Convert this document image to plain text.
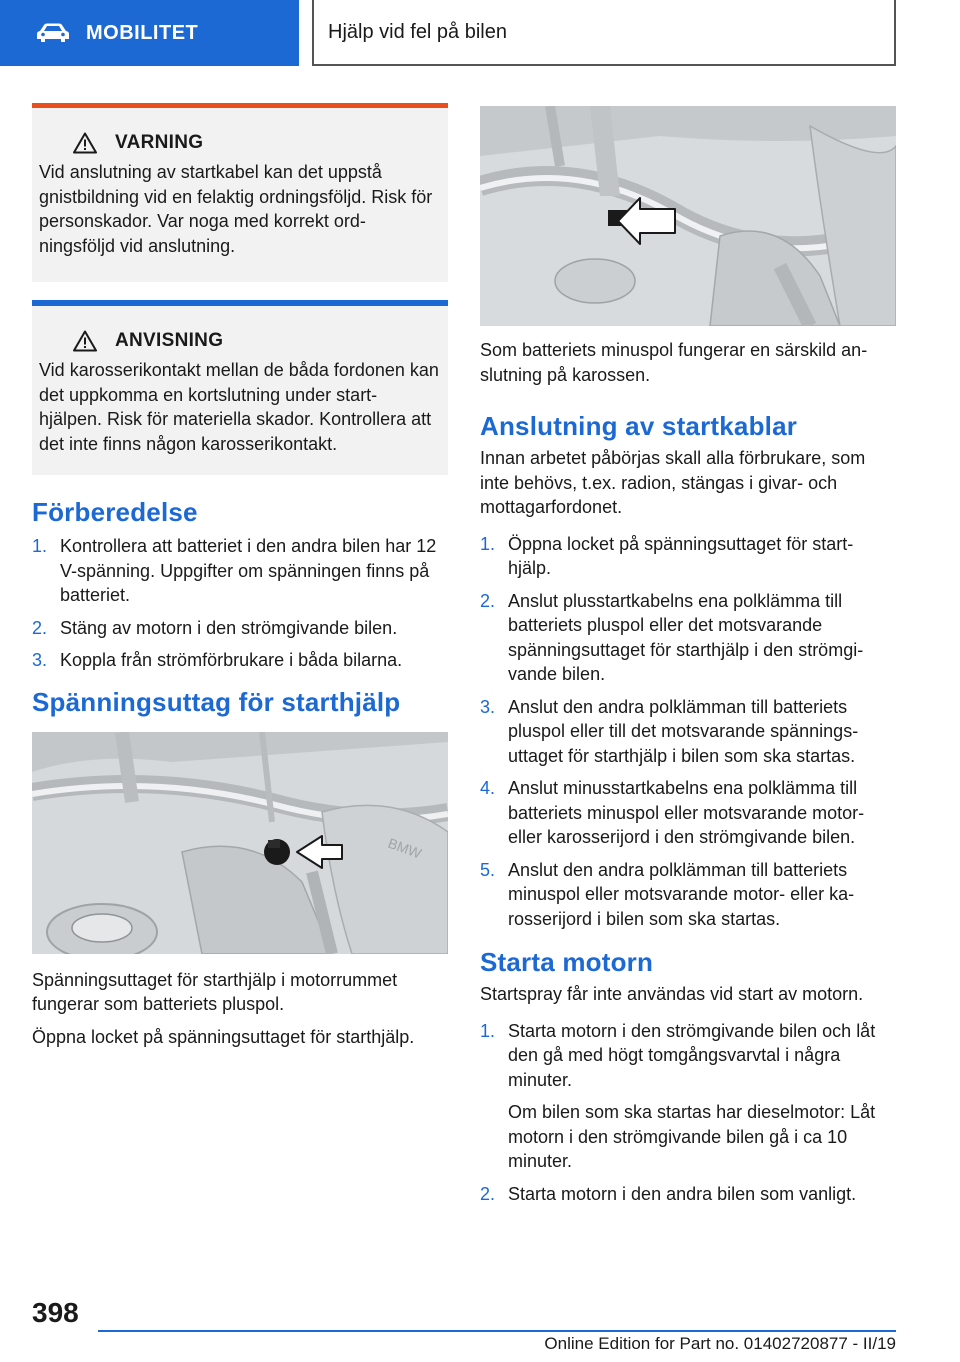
MOBILITET	Hjälp vid fel på bilen
VARNING
Vid anslutning av startkabel kan det uppstå gnistbildning vid en felaktig ordningsföljd. Risk för personskador. Var noga med korrekt ord-ningsföljd vid anslutning.
ANVISNING
Vid karosserikontakt mellan de båda fordonen kan det uppkomma en kortslutning under start-hjälpen. Risk för materiella skador. Kontrollera att det inte finns någon karosserikontakt.
Förberedelse
1. Kontrollera att batteriet i den andra bilen har 12 V-spänning. Uppgifter om spänningen finns på batteriet.
2. Stäng av motorn i den strömgivande bilen.
3. Koppla från strömförbrukare i båda bilarna.
Spänningsuttag för starthjälp
BMW

Spänningsuttaget för starthjälp i motorrummet fungerar som batteriets pluspol.

Öppna locket på spänningsuttaget för starthjälp.

Som batteriets minuspol fungerar en särskild an-slutning på karossen.

Anslutning av startkablar

Innan arbetet påbörjas skall alla förbrukare, som inte behövs, t.ex. radion, stängas i givar- och mottagarfordonet.

1. Öppna locket på spänningsuttaget för start-hjälp.
2. Anslut plusstartkabelns ena polklämma till batteriets pluspol eller det motsvarande spänningsuttaget för starthjälp i den strömgi-vande bilen.
3. Anslut den andra polklämman till batteriets pluspol eller till det motsvarande spännings-uttaget för starthjälp i bilen som ska startas.
4. Anslut minusstartkabelns ena polklämma till batteriets minuspol eller motsvarande motor- eller karosserijord i den strömgivande bilen.
5. Anslut den andra polklämman till batteriets minuspol eller motsvarande motor- eller ka-rosserijord i bilen som ska startas.
Starta motorn

Startspray får inte användas vid start av motorn.

1. Starta motorn i den strömgivande bilen och låt den gå med högt tomgångsvarvtal i några minuter.

Om bilen som ska startas har dieselmotor: Låt motorn i den strömgivande bilen gå i ca 10 minuter.

2. Starta motorn i den andra bilen som vanligt.
398
Online Edition for Part no. 01402720877 - II/19
